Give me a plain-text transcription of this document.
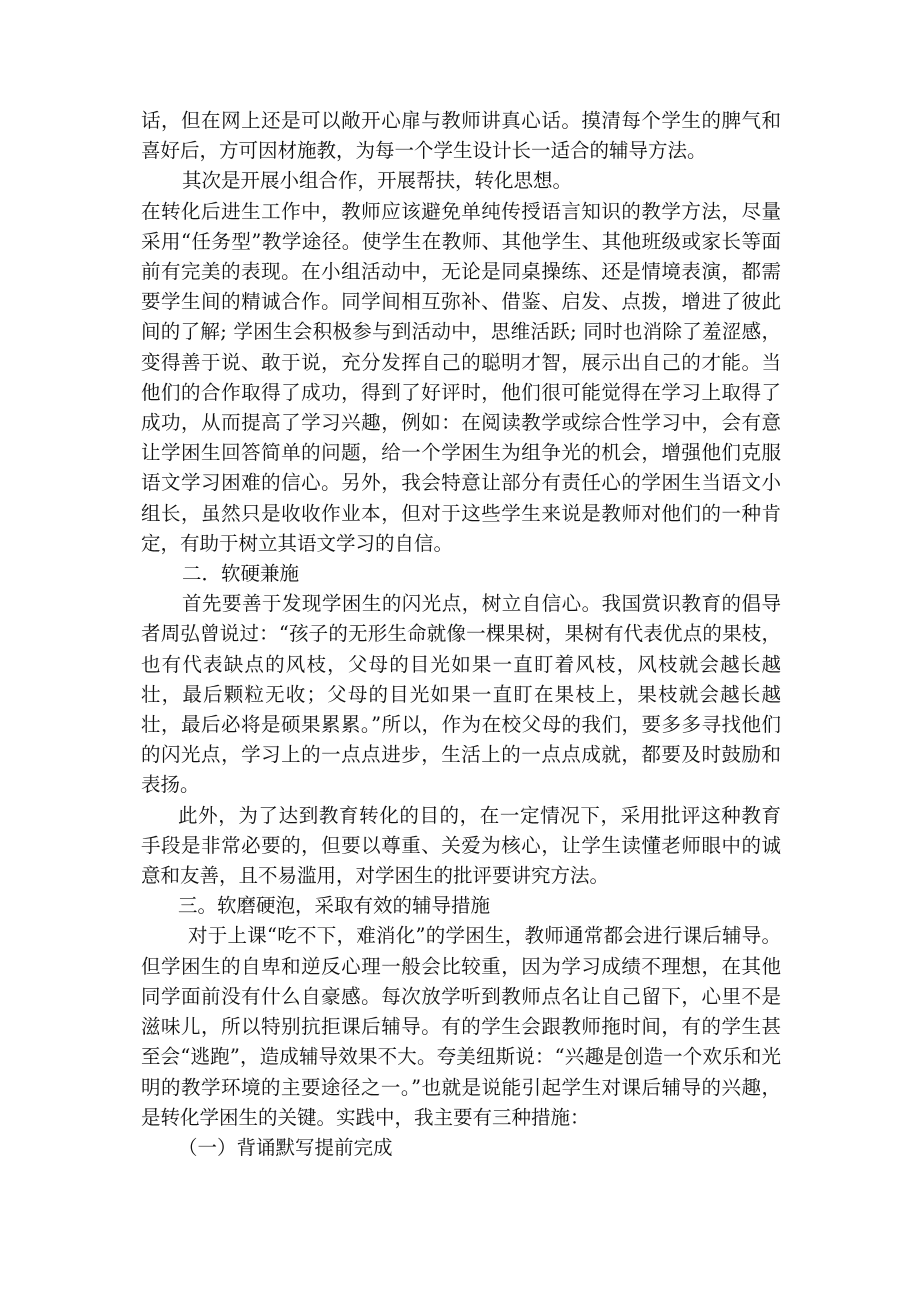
话，但在网上还是可以敞开心扉与教师讲真心话。摸清每个学生的脾气和喜好后，方可因材施教，为每一个学生设计长一适合的辅导方法。

其次是开展小组合作，开展帮扶，转化思想。

在转化后进生工作中，教师应该避免单纯传授语言知识的教学方法，尽量采用“任务型”教学途径。使学生在教师、其他学生、其他班级或家长等面前有完美的表现。在小组活动中，无论是同桌操练、还是情境表演，都需要学生间的精诚合作。同学间相互弥补、借鉴、启发、点拨，增进了彼此间的了解; 学困生会积极参与到活动中，思维活跃; 同时也消除了羞涩感，变得善于说、敢于说，充分发挥自己的聪明才智，展示出自己的才能。当他们的合作取得了成功，得到了好评时，他们很可能觉得在学习上取得了成功，从而提高了学习兴趣，例如：在阅读教学或综合性学习中，会有意让学困生回答简单的问题，给一个学困生为组争光的机会，增强他们克服语文学习困难的信心。另外，我会特意让部分有责任心的学困生当语文小组长，虽然只是收收作业本，但对于这些学生来说是教师对他们的一种肯定，有助于树立其语文学习的自信。

二．软硬兼施

首先要善于发现学困生的闪光点，树立自信心。我国赏识教育的倡导者周弘曾说过：“孩子的无形生命就像一棵果树，果树有代表优点的果枝，也有代表缺点的风枝，父母的目光如果一直盯着风枝，风枝就会越长越壮，最后颗粒无收；父母的目光如果一直盯在果枝上，果枝就会越长越壮，最后必将是硕果累累。”所以，作为在校父母的我们，要多多寻找他们的闪光点，学习上的一点点进步，生活上的一点点成就，都要及时鼓励和表扬。

此外，为了达到教育转化的目的，在一定情况下，采用批评这种教育手段是非常必要的，但要以尊重、关爱为核心，让学生读懂老师眼中的诚意和友善，且不易滥用，对学困生的批评要讲究方法。

三。软磨硬泡，采取有效的辅导措施

对于上课“吃不下，难消化”的学困生，教师通常都会进行课后辅导。但学困生的自卑和逆反心理一般会比较重，因为学习成绩不理想，在其他同学面前没有什么自豪感。每次放学听到教师点名让自己留下，心里不是滋味儿，所以特别抗拒课后辅导。有的学生会跟教师拖时间，有的学生甚至会“逃跑”，造成辅导效果不大。夸美纽斯说：“兴趣是创造一个欢乐和光明的教学环境的主要途径之一。”也就是说能引起学生对课后辅导的兴趣，是转化学困生的关键。实践中，我主要有三种措施：

（一）背诵默写提前完成
